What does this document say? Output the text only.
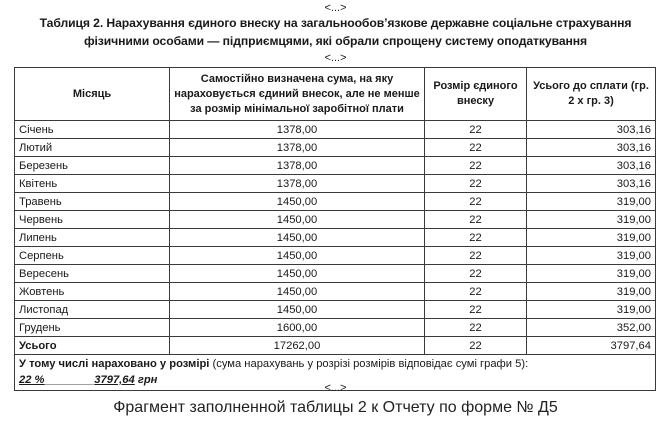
<...>
Таблиця 2. Нарахування єдиного внеску на загальнообов’язкове державне соціальне страхування
фізичними особами — підприємцями, які обрали спрощену систему оподаткування
<...>
Місяць	Самостійно визначена сума, на яку нараховується єдиний внесок, але не менше за розмір мінімальної заробітної плати	Розмір єдиного внеску	Усього до сплати (гр. 2 х гр. 3)
Січень	1378,00	22	303,16
Лютий	1378,00	22	303,16
Березень	1378,00	22	303,16
Квітень	1378,00	22	303,16
Травень	1450,00	22	319,00
Червень	1450,00	22	319,00
Липень	1450,00	22	319,00
Серпень	1450,00	22	319,00
Вересень	1450,00	22	319,00
Жовтень	1450,00	22	319,00
Листопад	1450,00	22	319,00
Грудень	1600,00	22	352,00
Усього	17262,00	22	3797,64

У тому числі нараховано у розмірі (сума нарахувань у розрізі розмірів відповідає сумі графи 5):
22 %________3797,64 грн			
<...>
Фрагмент заполненной таблицы 2 к Отчету по форме № Д5
